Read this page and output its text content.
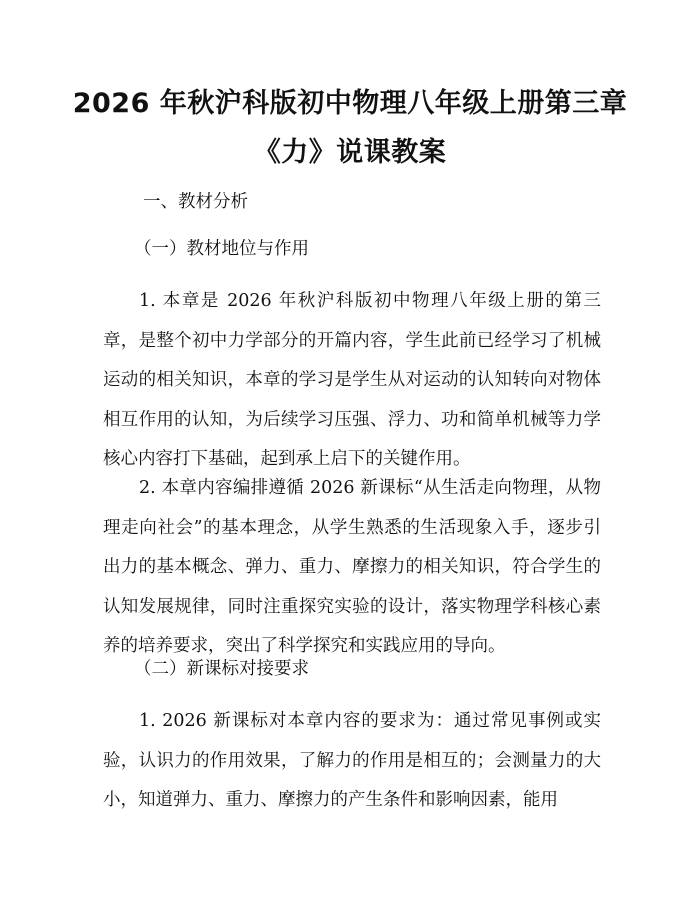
2026 年秋沪科版初中物理八年级上册第三章
《力》说课教案
一、教材分析
（一）教材地位与作用

1. 本章是 2026 年秋沪科版初中物理八年级上册的第三章，是整个初中力学部分的开篇内容，学生此前已经学习了机械运动的相关知识，本章的学习是学生从对运动的认知转向对物体相互作用的认知，为后续学习压强、浮力、功和简单机械等力学核心内容打下基础，起到承上启下的关键作用。

2. 本章内容编排遵循 2026 新课标“从生活走向物理，从物理走向社会”的基本理念，从学生熟悉的生活现象入手，逐步引出力的基本概念、弹力、重力、摩擦力的相关知识，符合学生的认知发展规律，同时注重探究实验的设计，落实物理学科核心素养的培养要求，突出了科学探究和实践应用的导向。

（二）新课标对接要求

1. 2026 新课标对本章内容的要求为：通过常见事例或实验，认识力的作用效果，了解力的作用是相互的；会测量力的大小，知道弹力、重力、摩擦力的产生条件和影响因素，能用
